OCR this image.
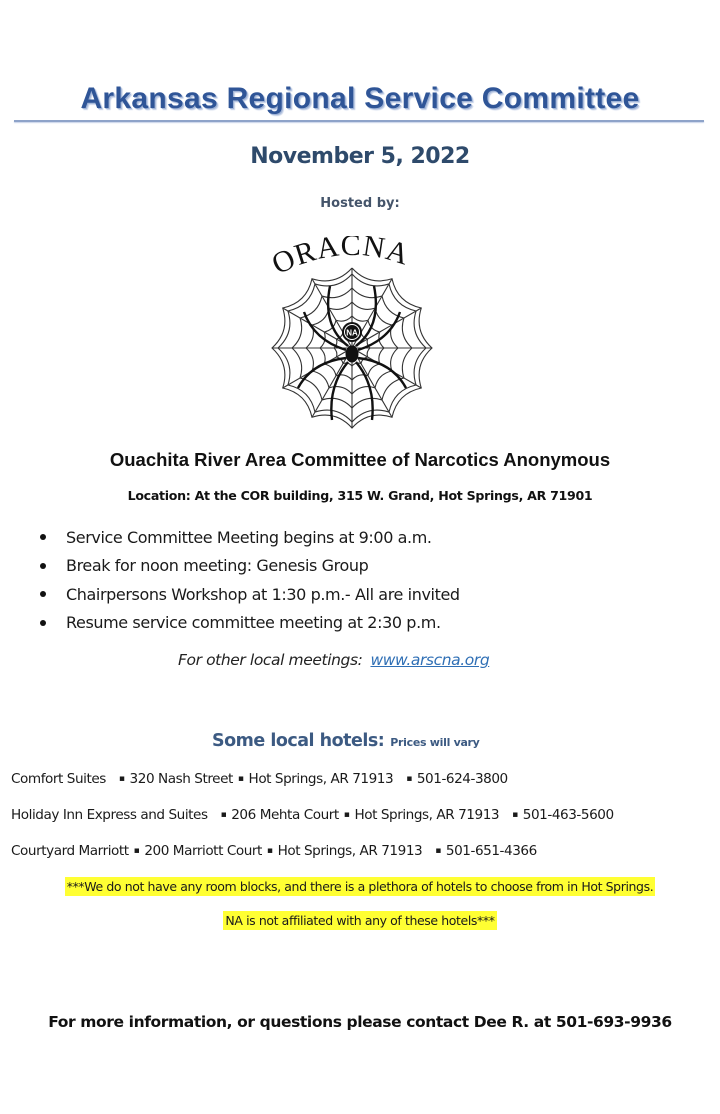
Arkansas Regional Service Committee
November 5, 2022
Hosted by:
ORACNA
NA
Ouachita River Area Committee of Narcotics Anonymous
Location: At the COR building, 315 W. Grand, Hot Springs, AR 71901
Service Committee Meeting begins at 9:00 a.m.
Break for noon meeting: Genesis Group
Chairpersons Workshop at 1:30 p.m.- All are invited
Resume service committee meeting at 2:30 p.m.
For other local meetings: www.arscna.org
Some local hotels: Prices will vary
Comfort Suites ▪ 320 Nash Street ▪ Hot Springs, AR 71913 ▪ 501-624-3800
Holiday Inn Express and Suites ▪ 206 Mehta Court ▪ Hot Springs, AR 71913 ▪ 501-463-5600
Courtyard Marriott ▪ 200 Marriott Court ▪ Hot Springs, AR 71913 ▪ 501-651-4366
***We do not have any room blocks, and there is a plethora of hotels to choose from in Hot Springs.
NA is not affiliated with any of these hotels***
For more information, or questions please contact Dee R. at 501-693-9936
